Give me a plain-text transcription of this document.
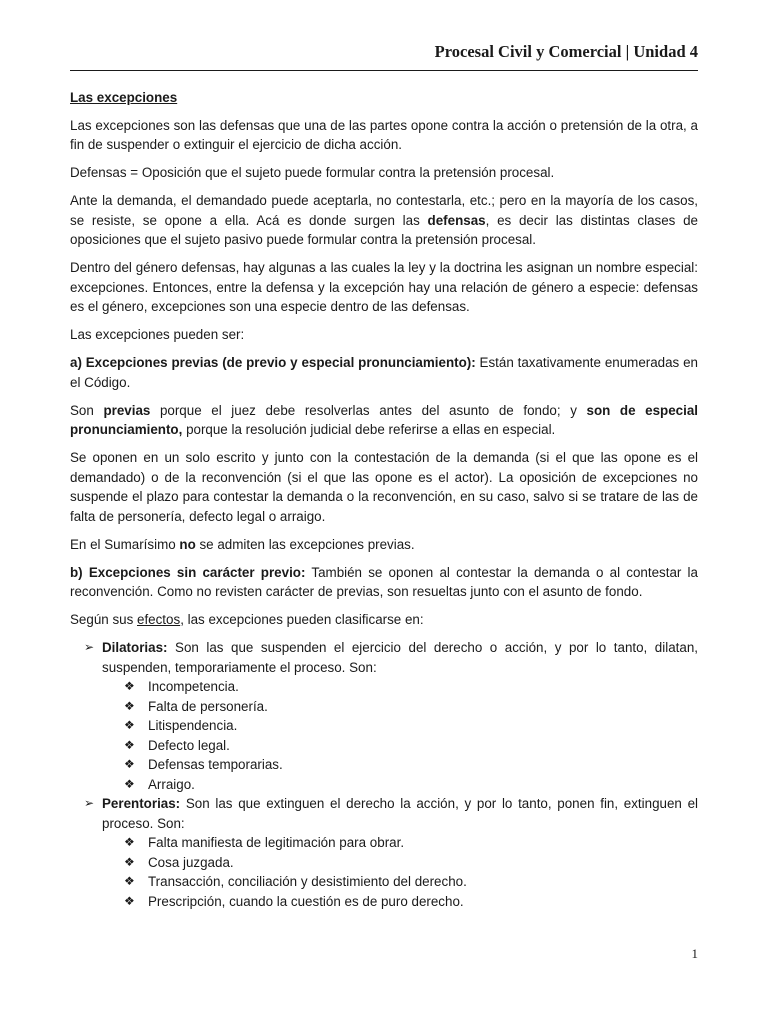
Procesal Civil y Comercial | Unidad 4

Las excepciones

Las excepciones son las defensas que una de las partes opone contra la acción o pretensión de la otra, a fin de suspender o extinguir el ejercicio de dicha acción.

Defensas = Oposición que el sujeto puede formular contra la pretensión procesal.

Ante la demanda, el demandado puede aceptarla, no contestarla, etc.; pero en la mayoría de los casos, se resiste, se opone a ella. Acá es donde surgen las defensas, es decir las distintas clases de oposiciones que el sujeto pasivo puede formular contra la pretensión procesal.

Dentro del género defensas, hay algunas a las cuales la ley y la doctrina les asignan un nombre especial: excepciones. Entonces, entre la defensa y la excepción hay una relación de género a especie: defensas es el género, excepciones son una especie dentro de las defensas.

Las excepciones pueden ser:

a) Excepciones previas (de previo y especial pronunciamiento): Están taxativamente enumeradas en el Código.

Son previas porque el juez debe resolverlas antes del asunto de fondo; y son de especial pronunciamiento, porque la resolución judicial debe referirse a ellas en especial.

Se oponen en un solo escrito y junto con la contestación de la demanda (si el que las opone es el demandado) o de la reconvención (si el que las opone es el actor). La oposición de excepciones no suspende el plazo para contestar la demanda o la reconvención, en su caso, salvo si se tratare de las de falta de personería, defecto legal o arraigo.

En el Sumarísimo no se admiten las excepciones previas.

b) Excepciones sin carácter previo: También se oponen al contestar la demanda o al contestar la reconvención. Como no revisten carácter de previas, son resueltas junto con el asunto de fondo.

Según sus efectos, las excepciones pueden clasificarse en:

➢ Dilatorias: Son las que suspenden el ejercicio del derecho o acción, y por lo tanto, dilatan, suspenden, temporariamente el proceso. Son:
❖ Incompetencia.
❖ Falta de personería.
❖ Litispendencia.
❖ Defecto legal.
❖ Defensas temporarias.
❖ Arraigo.
➢ Perentorias: Son las que extinguen el derecho la acción, y por lo tanto, ponen fin, extinguen el proceso. Son:
❖ Falta manifiesta de legitimación para obrar.
❖ Cosa juzgada.
❖ Transacción, conciliación y desistimiento del derecho.
❖ Prescripción, cuando la cuestión es de puro derecho.
1
